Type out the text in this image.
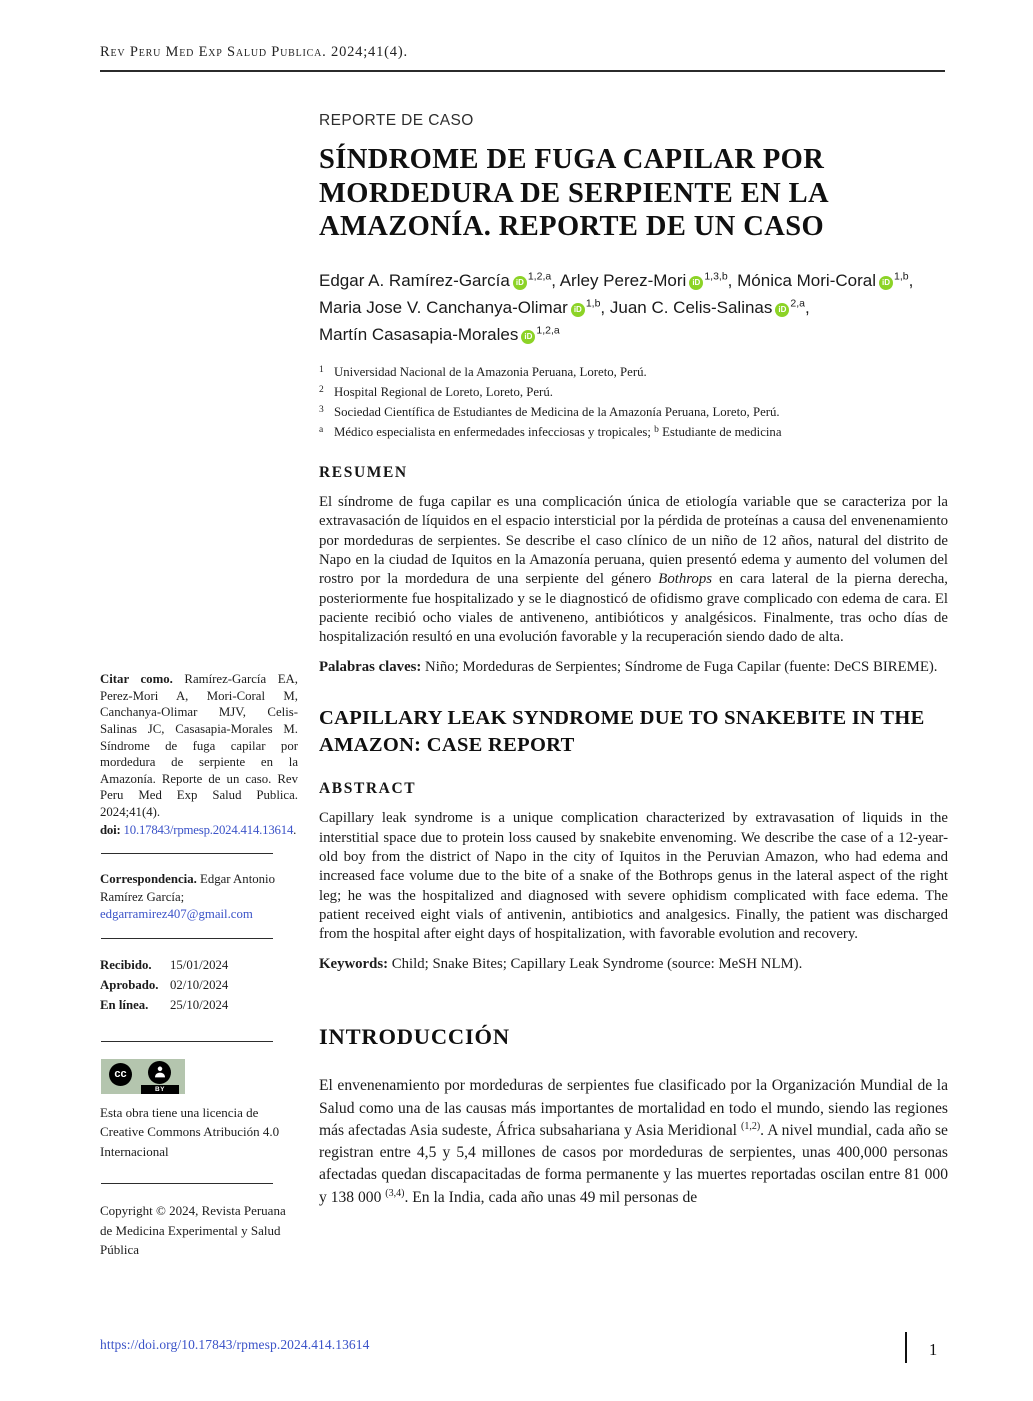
Rev Peru Med Exp Salud Publica. 2024;41(4).

Citar como. Ramírez-García EA, Perez-Mori A, Mori-Coral M, Canchanya-Olimar MJV, Celis-Salinas JC, Casasapia-Morales M. Síndrome de fuga capilar por mordedura de serpiente en la Amazonía. Reporte de un caso. Rev Peru Med Exp Salud Publica. 2024;41(4).

doi: 10.17843/rpmesp.2024.414.13614.

Correspondencia. Edgar Antonio Ramírez García;
edgarramirez407@gmail.com

Recibido. 15/01/2024
Aprobado. 02/10/2024
En línea. 25/10/2024
cc
BY

Esta obra tiene una licencia de Creative Commons Atribución 4.0 Internacional

Copyright © 2024, Revista Peruana de Medicina Experimental y Salud Pública

REPORTE DE CASO
SÍNDROME DE FUGA CAPILAR POR MORDEDURA DE SERPIENTE EN LA AMAZONÍA. REPORTE DE UN CASO
Edgar A. Ramírez-García iD$^{1,2,a}$, Arley Perez-Mori iD$^{1,3,b}$, Mónica Mori-Coral iD$^{1,b}$,
Maria Jose V. Canchanya-Olimar iD$^{1,b}$, Juan C. Celis-Salinas iD$^{2,a}$,
Martín Casasapia-Morales iD$^{1,2,a}$
1 Universidad Nacional de la Amazonia Peruana, Loreto, Perú.
2 Hospital Regional de Loreto, Loreto, Perú.
3 Sociedad Científica de Estudiantes de Medicina de la Amazonía Peruana, Loreto, Perú.
a Médico especialista en enfermedades infecciosas y tropicales; $^b$ Estudiante de medicina
RESUMEN

El síndrome de fuga capilar es una complicación única de etiología variable que se caracteriza por la extravasación de líquidos en el espacio intersticial por la pérdida de proteínas a causa del envenenamiento por mordeduras de serpientes. Se describe el caso clínico de un niño de 12 años, natural del distrito de Napo en la ciudad de Iquitos en la Amazonía peruana, quien presentó edema y aumento del volumen del rostro por la mordedura de una serpiente del género Bothrops en cara lateral de la pierna derecha, posteriormente fue hospitalizado y se le diagnosticó de ofidismo grave complicado con edema de cara. El paciente recibió ocho viales de antiveneno, antibióticos y analgésicos. Finalmente, tras ocho días de hospitalización resultó en una evolución favorable y la recuperación siendo dado de alta.

Palabras claves: Niño; Mordeduras de Serpientes; Síndrome de Fuga Capilar (fuente: DeCS BIREME).

CAPILLARY LEAK SYNDROME DUE TO SNAKEBITE IN THE AMAZON: CASE REPORT
ABSTRACT

Capillary leak syndrome is a unique complication characterized by extravasation of liquids in the interstitial space due to protein loss caused by snakebite envenoming. We describe the case of a 12-year-old boy from the district of Napo in the city of Iquitos in the Peruvian Amazon, who had edema and increased face volume due to the bite of a snake of the Bothrops genus in the lateral aspect of the right leg; he was the hospitalized and diagnosed with severe ophidism complicated with face edema. The patient received eight vials of antivenin, antibiotics and analgesics. Finally, the patient was discharged from the hospital after eight days of hospitalization, with favorable evolution and recovery.

Keywords: Child; Snake Bites; Capillary Leak Syndrome (source: MeSH NLM).

INTRODUCCIÓN

El envenenamiento por mordeduras de serpientes fue clasificado por la Organización Mundial de la Salud como una de las causas más importantes de mortalidad en todo el mundo, siendo las regiones más afectadas Asia sudeste, África subsahariana y Asia Meridional $^{(1,2)}$. A nivel mundial, cada año se registran entre 4,5 y 5,4 millones de casos por mordeduras de serpientes, unas 400,000 personas afectadas quedan discapacitadas de forma permanente y las muertes reportadas oscilan entre 81 000 y 138 000 $^{(3,4)}$. En la India, cada año unas 49 mil personas de

https://doi.org/10.17843/rpmesp.2024.414.13614	1
